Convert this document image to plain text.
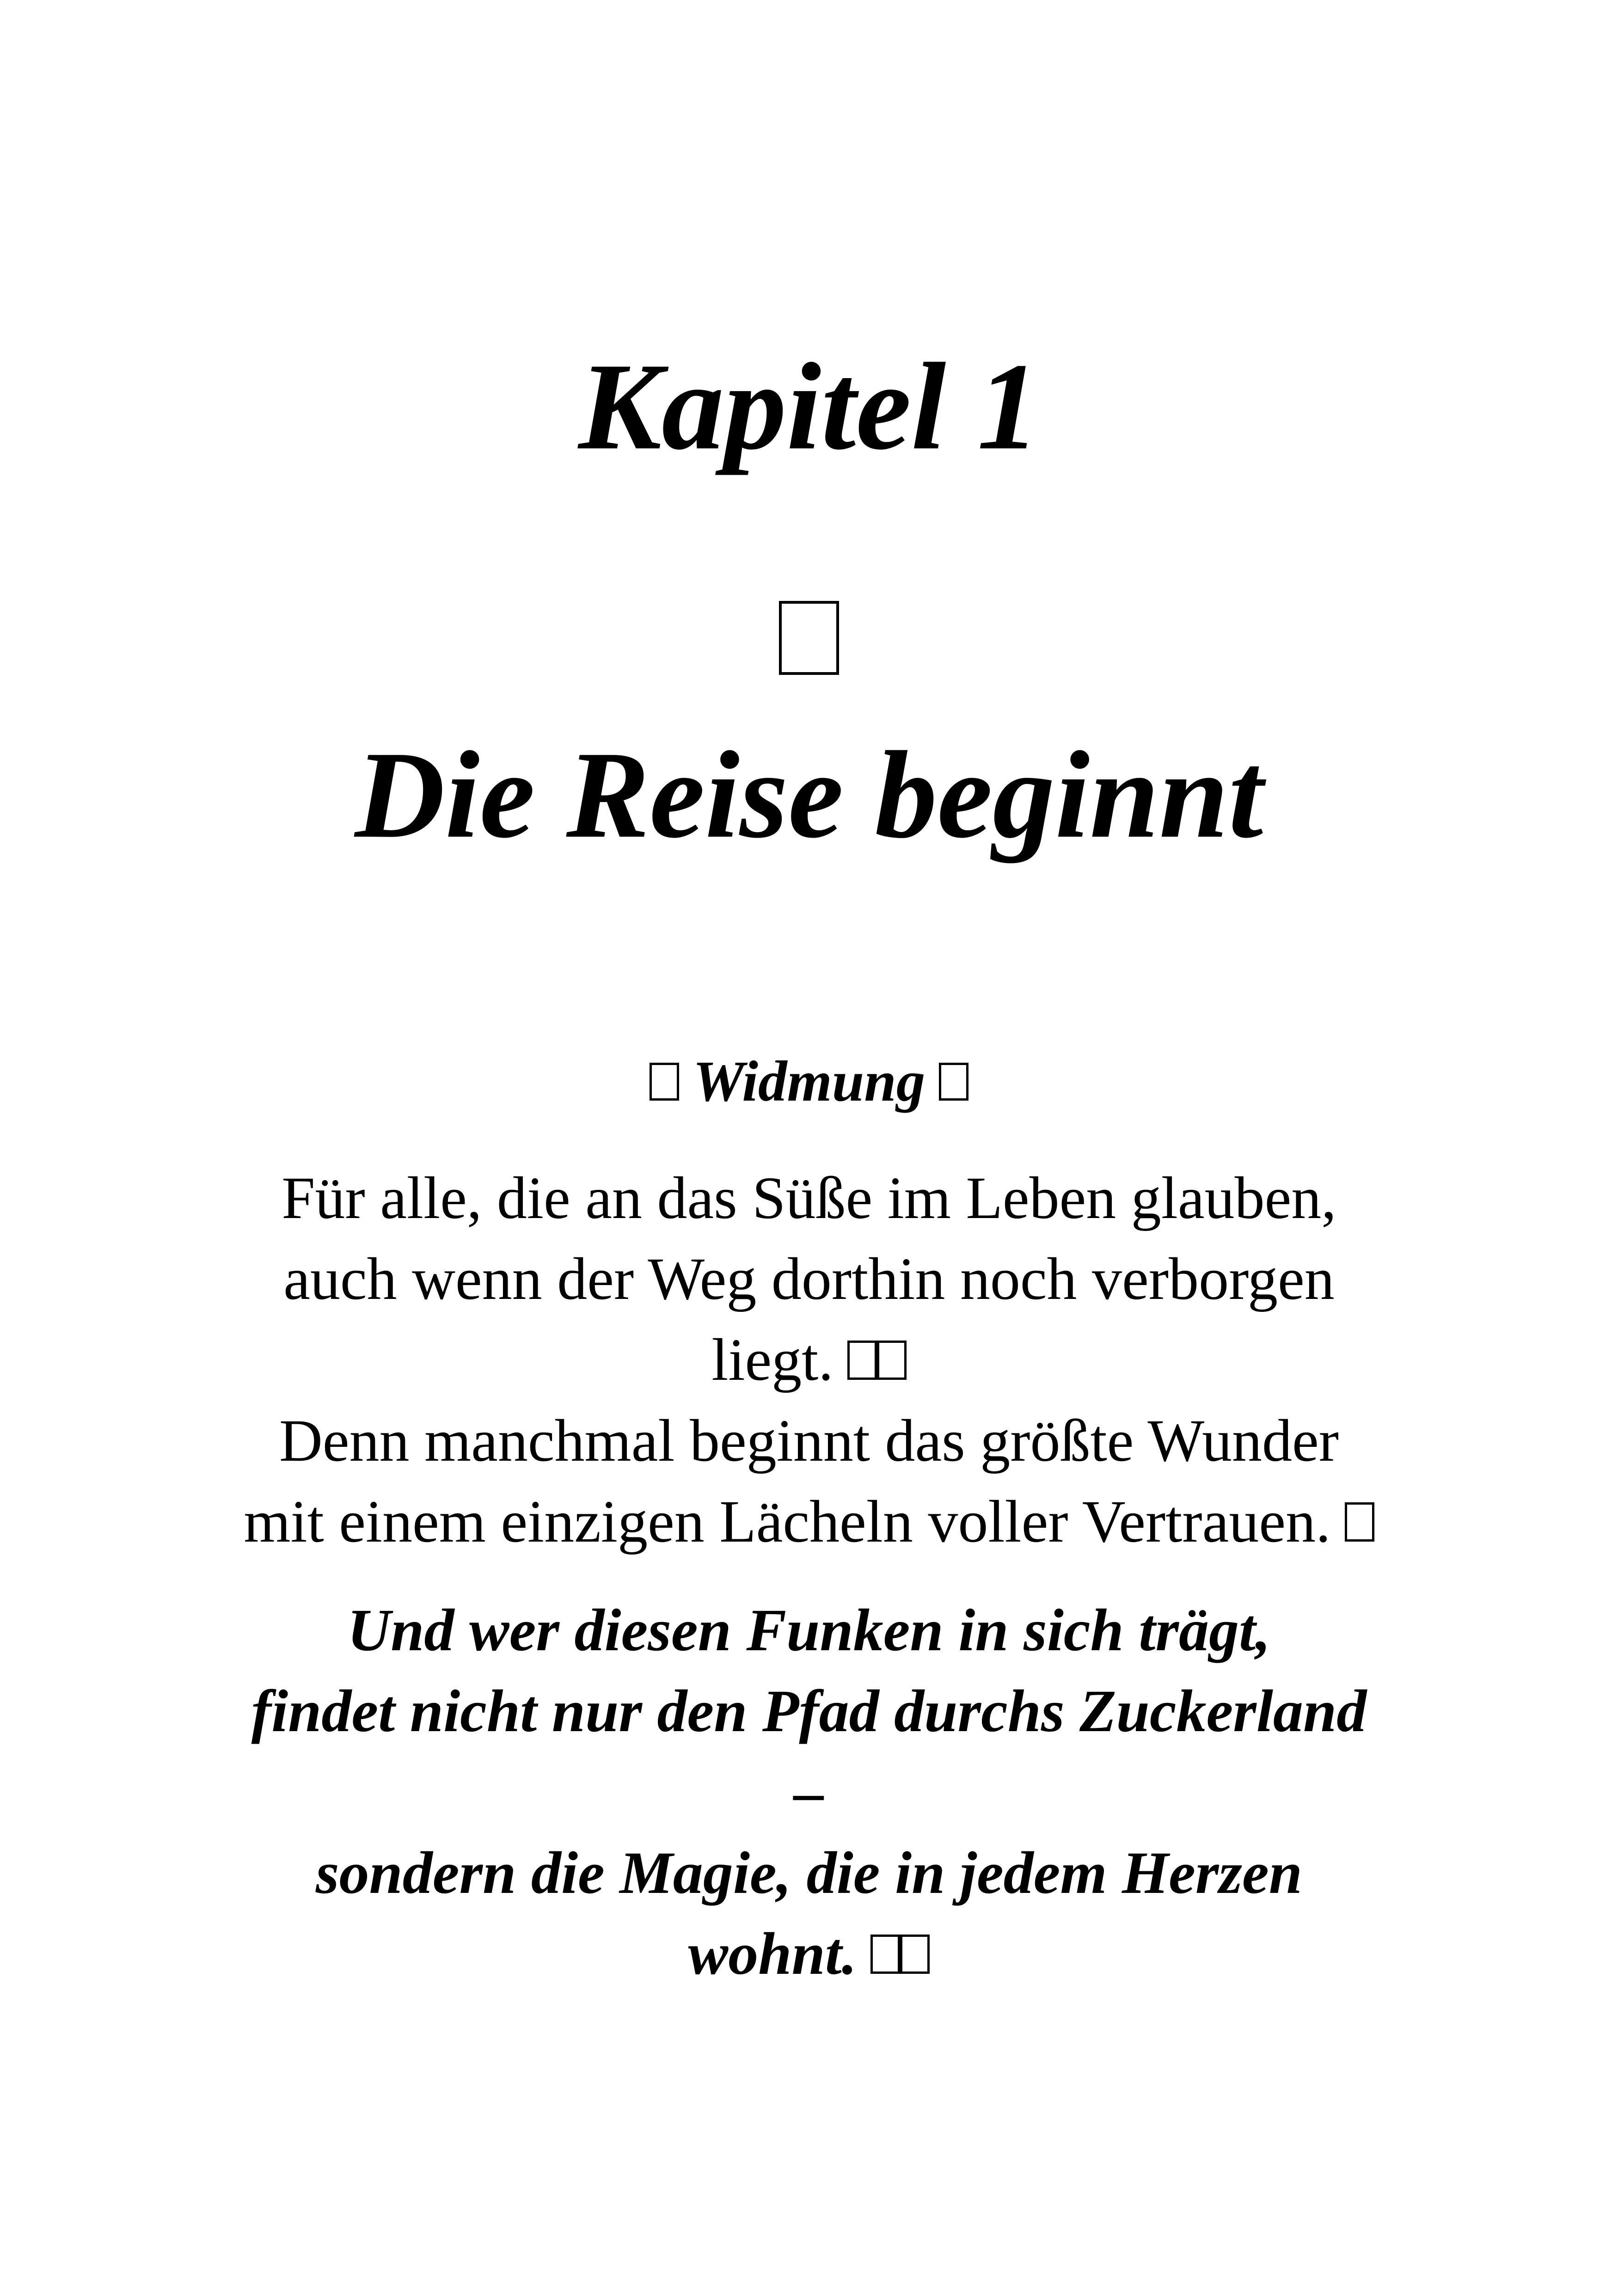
Kapitel 1
Die Reise beginnt
Widmung
Für alle, die an das Süße im Leben glauben,
auch wenn der Weg dorthin noch verborgen
liegt.
Denn manchmal beginnt das größte Wunder
mit einem einzigen Lächeln voller Vertrauen.
Und wer diesen Funken in sich trägt,
findet nicht nur den Pfad durchs Zuckerland
–
sondern die Magie, die in jedem Herzen
wohnt.
